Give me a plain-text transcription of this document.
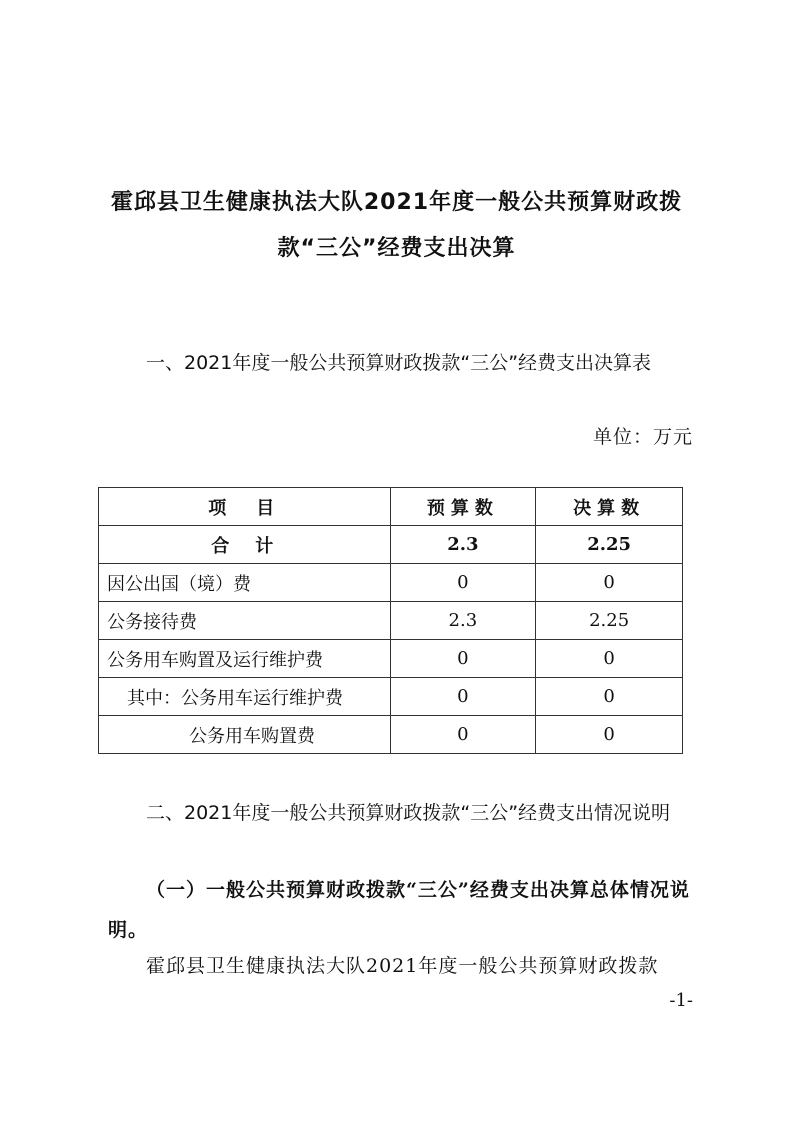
霍邱县卫生健康执法大队2021年度一般公共预算财政拨
款“三公”经费支出决算
一、2021年度一般公共预算财政拨款“三公”经费支出决算表
单位：万元
项　目	预算数	决算数
合　计	2.3	2.25
因公出国（境）费	0	0
公务接待费	2.3	2.25
公务用车购置及运行维护费	0	0
其中：公务用车运行维护费	0	0
公务用车购置费	0	0
二、2021年度一般公共预算财政拨款“三公”经费支出情况说明
（一）一般公共预算财政拨款“三公”经费支出决算总体情况说明。
霍邱县卫生健康执法大队2021年度一般公共预算财政拨款
-1-
